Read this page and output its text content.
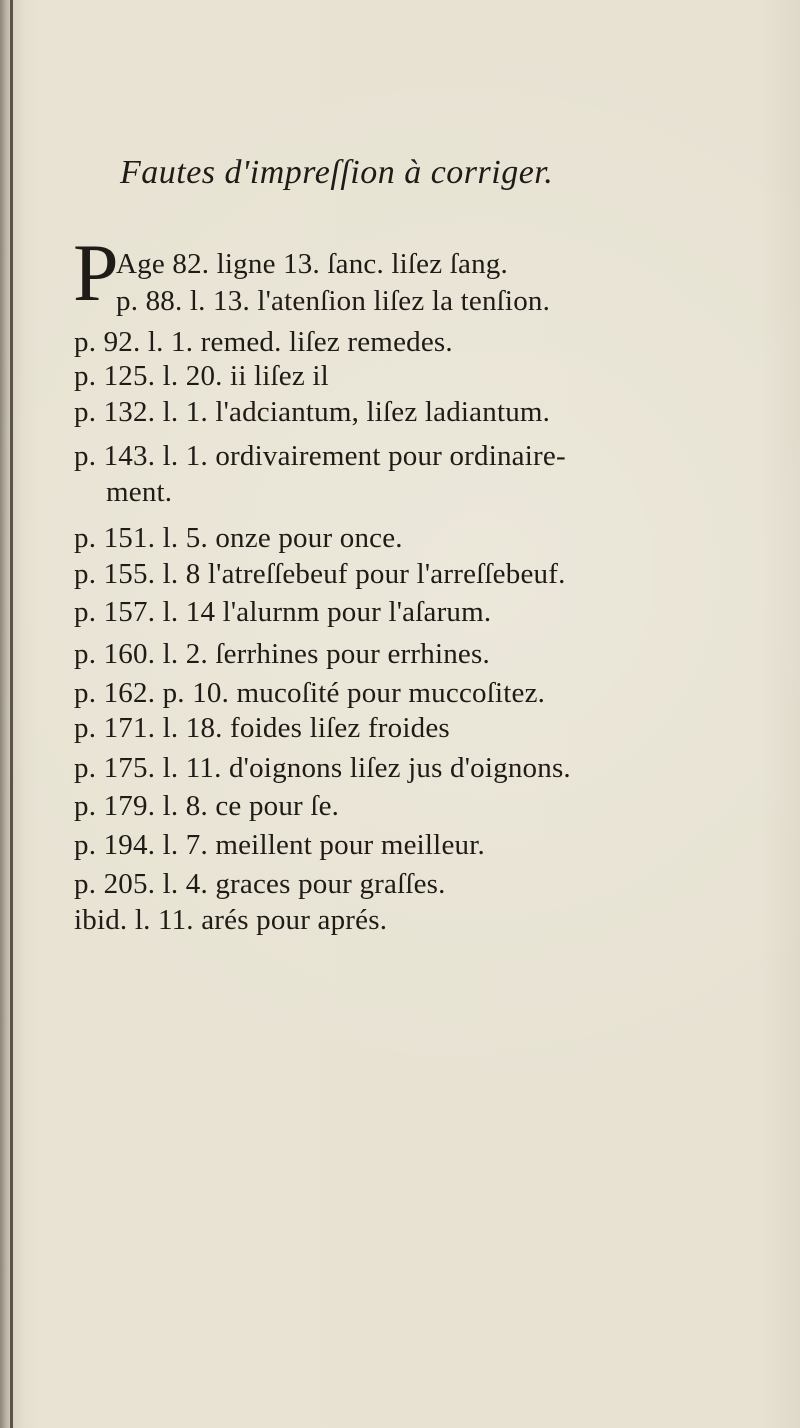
Fautes d'impreſſion à corriger.
P
Age 82. ligne 13. ſanc. liſez ſang.
p. 88. l. 13. l'atenſion liſez la tenſion.
p. 92. l. 1. remed. liſez remedes.
p. 125. l. 20. ii liſez il
p. 132. l. 1. l'adciantum, liſez ladiantum.
p. 143. l. 1. ordivairement pour ordinaire-
ment.
p. 151. l. 5. onze pour once.
p. 155. l. 8 l'atreſſebeuf pour l'arreſſebeuf.
p. 157. l. 14 l'alurnm pour l'aſarum.
p. 160. l. 2. ſerrhines pour errhines.
p. 162. p. 10. mucoſité pour muccoſitez.
p. 171. l. 18. foides liſez froides
p. 175. l. 11. d'oignons liſez jus d'oignons.
p. 179. l. 8. ce pour ſe.
p. 194. l. 7. meillent pour meilleur.
p. 205. l. 4. graces pour graſſes.
ibid. l. 11. arés pour aprés.
